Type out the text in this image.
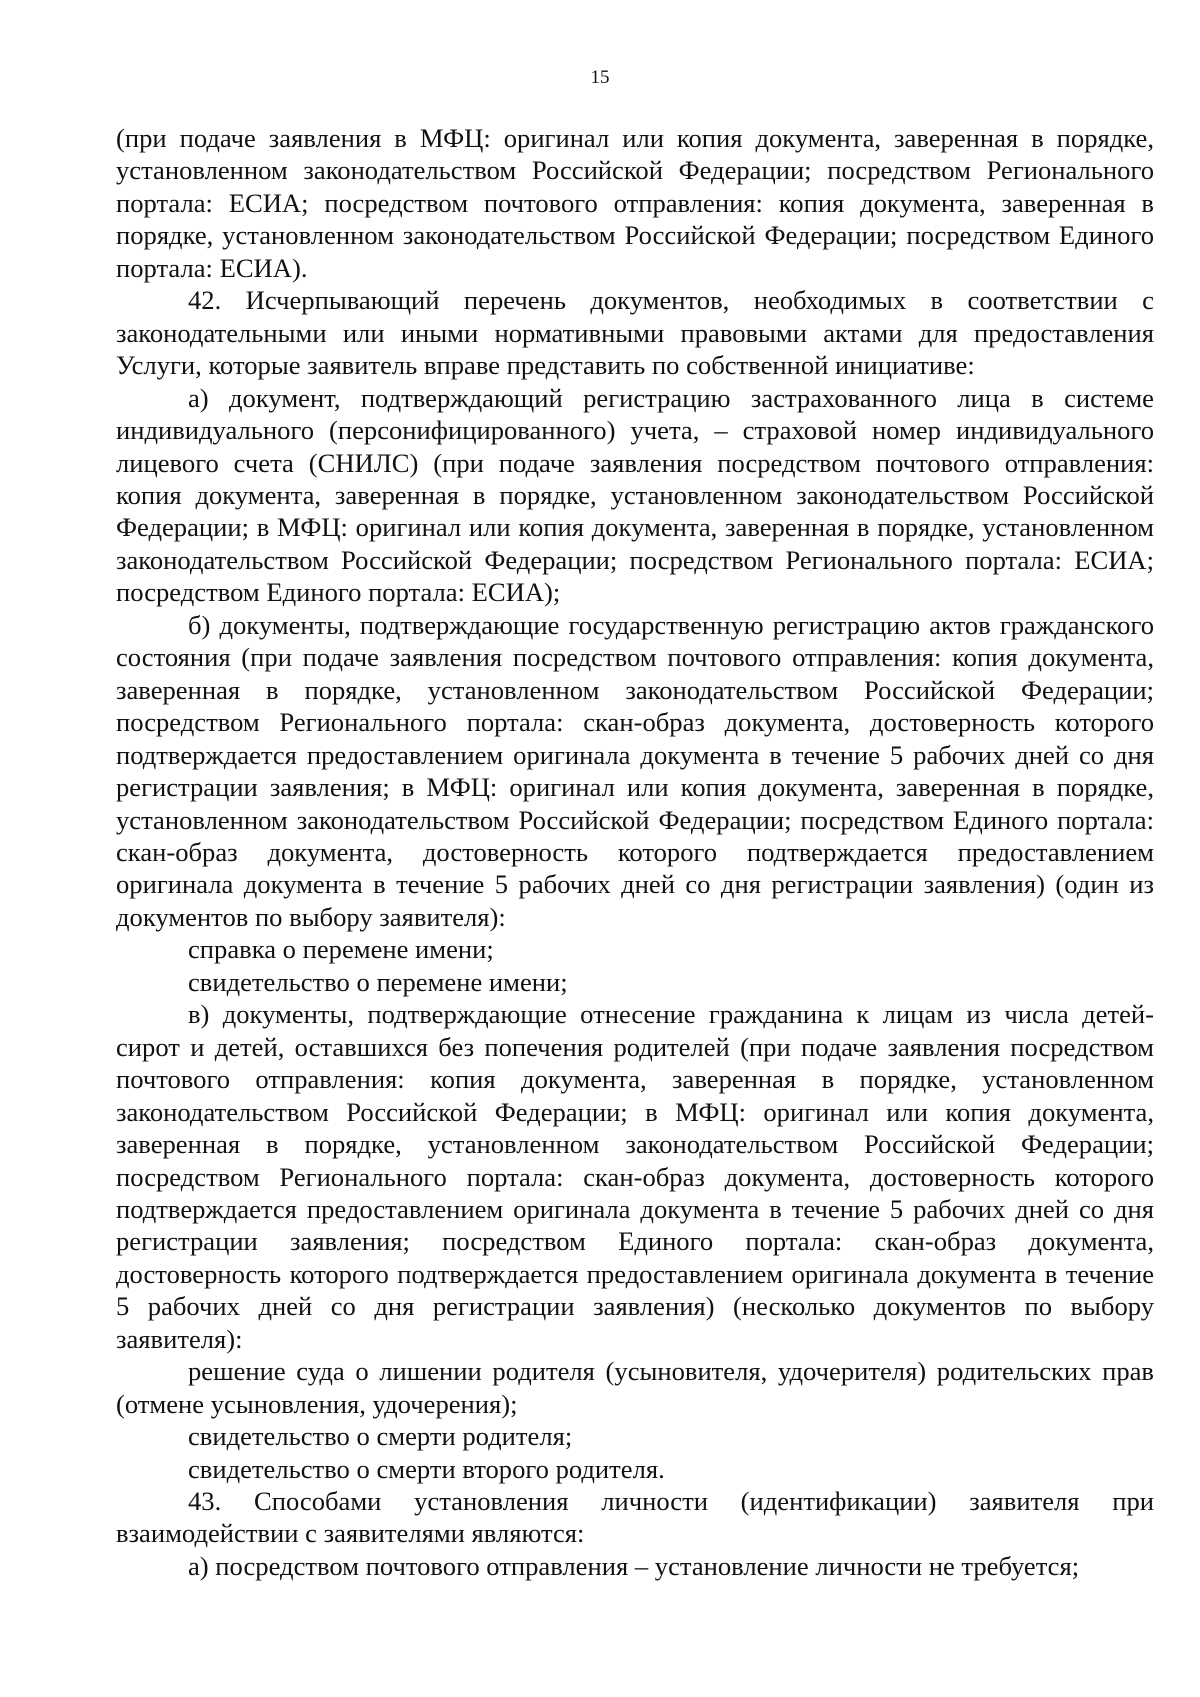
15

(при подаче заявления в МФЦ: оригинал или копия документа, заверенная в порядке, установленном законодательством Российской Федерации; посредством Регионального портала: ЕСИА; посредством почтового отправления: копия документа, заверенная в порядке, установленном законодательством Российской Федерации; посредством Единого портала: ЕСИА).

42. Исчерпывающий перечень документов, необходимых в соответствии с законодательными или иными нормативными правовыми актами для предоставления Услуги, которые заявитель вправе представить по собственной инициативе:

а) документ, подтверждающий регистрацию застрахованного лица в системе индивидуального (персонифицированного) учета, – страховой номер индивидуального лицевого счета (СНИЛС) (при подаче заявления посредством почтового отправления: копия документа, заверенная в порядке, установленном законодательством Российской Федерации; в МФЦ: оригинал или копия документа, заверенная в порядке, установленном законодательством Российской Федерации; посредством Регионального портала: ЕСИА; посредством Единого портала: ЕСИА);

б) документы, подтверждающие государственную регистрацию актов гражданского состояния (при подаче заявления посредством почтового отправления: копия документа, заверенная в порядке, установленном законодательством Российской Федерации; посредством Регионального портала: скан-образ документа, достоверность которого подтверждается предоставлением оригинала документа в течение 5 рабочих дней со дня регистрации заявления; в МФЦ: оригинал или копия документа, заверенная в порядке, установленном законодательством Российской Федерации; посредством Единого портала: скан-образ документа, достоверность которого подтверждается предоставлением оригинала документа в течение 5 рабочих дней со дня регистрации заявления) (один из документов по выбору заявителя):

справка о перемене имени;

свидетельство о перемене имени;

в) документы, подтверждающие отнесение гражданина к лицам из числа детей-сирот и детей, оставшихся без попечения родителей (при подаче заявления посредством почтового отправления: копия документа, заверенная в порядке, установленном законодательством Российской Федерации; в МФЦ: оригинал или копия документа, заверенная в порядке, установленном законодательством Российской Федерации; посредством Регионального портала: скан-образ документа, достоверность которого подтверждается предоставлением оригинала документа в течение 5 рабочих дней со дня регистрации заявления; посредством Единого портала: скан-образ документа, достоверность которого подтверждается предоставлением оригинала документа в течение 5 рабочих дней со дня регистрации заявления) (несколько документов по выбору заявителя):

решение суда о лишении родителя (усыновителя, удочерителя) родительских прав (отмене усыновления, удочерения);

свидетельство о смерти родителя;

свидетельство о смерти второго родителя.

43. Способами установления личности (идентификации) заявителя при взаимодействии с заявителями являются:

а) посредством почтового отправления – установление личности не требуется;
